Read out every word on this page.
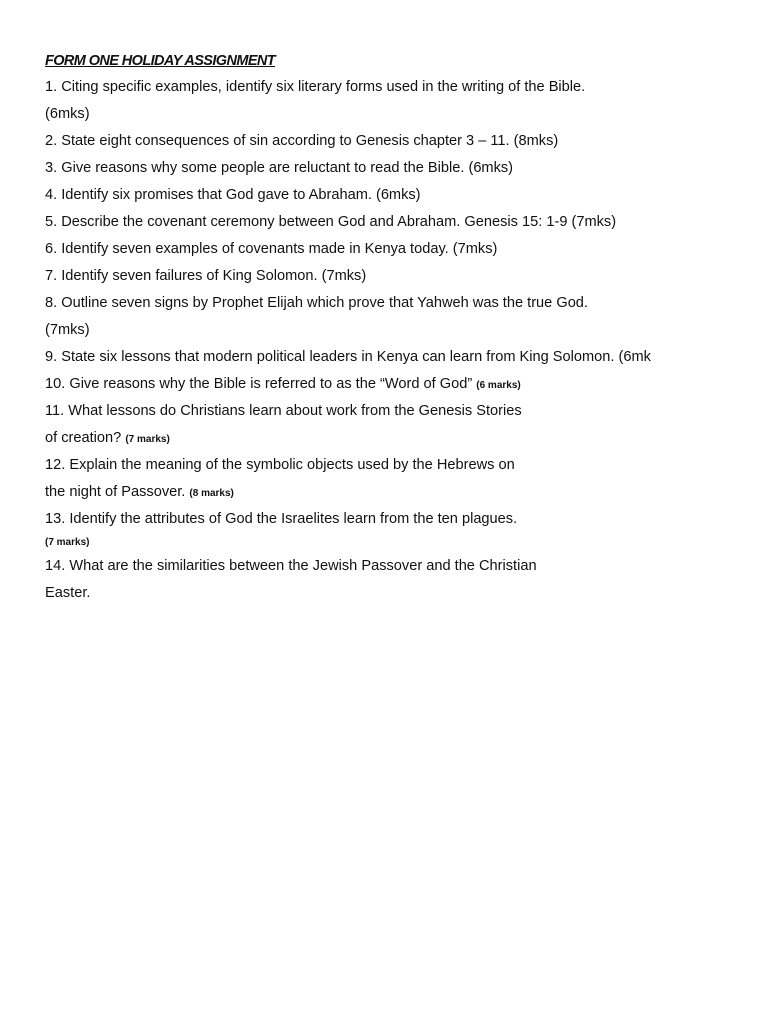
FORM ONE HOLIDAY ASSIGNMENT
1. Citing specific examples, identify six literary forms used in the writing of the Bible.
(6mks)
2. State eight consequences of sin according to Genesis chapter 3 – 11. (8mks)
3. Give reasons why some people are reluctant to read the Bible. (6mks)
4. Identify six promises that God gave to Abraham. (6mks)
5. Describe the covenant ceremony between God and Abraham. Genesis 15: 1-9 (7mks)
6. Identify seven examples of covenants made in Kenya today. (7mks)
7. Identify seven failures of King Solomon. (7mks)
8. Outline seven signs by Prophet Elijah which prove that Yahweh was the true God.
(7mks)
9. State six lessons that modern political leaders in Kenya can learn from King Solomon. (6mk
10. Give reasons why the Bible is referred to as the “Word of God” (6 marks)
11. What lessons do Christians learn about work from the Genesis Stories
of creation? (7 marks)
12. Explain the meaning of the symbolic objects used by the Hebrews on
the night of Passover. (8 marks)
13. Identify the attributes of God the Israelites learn from the ten plagues.
(7 marks)
14. What are the similarities between the Jewish Passover and the Christian
Easter.
